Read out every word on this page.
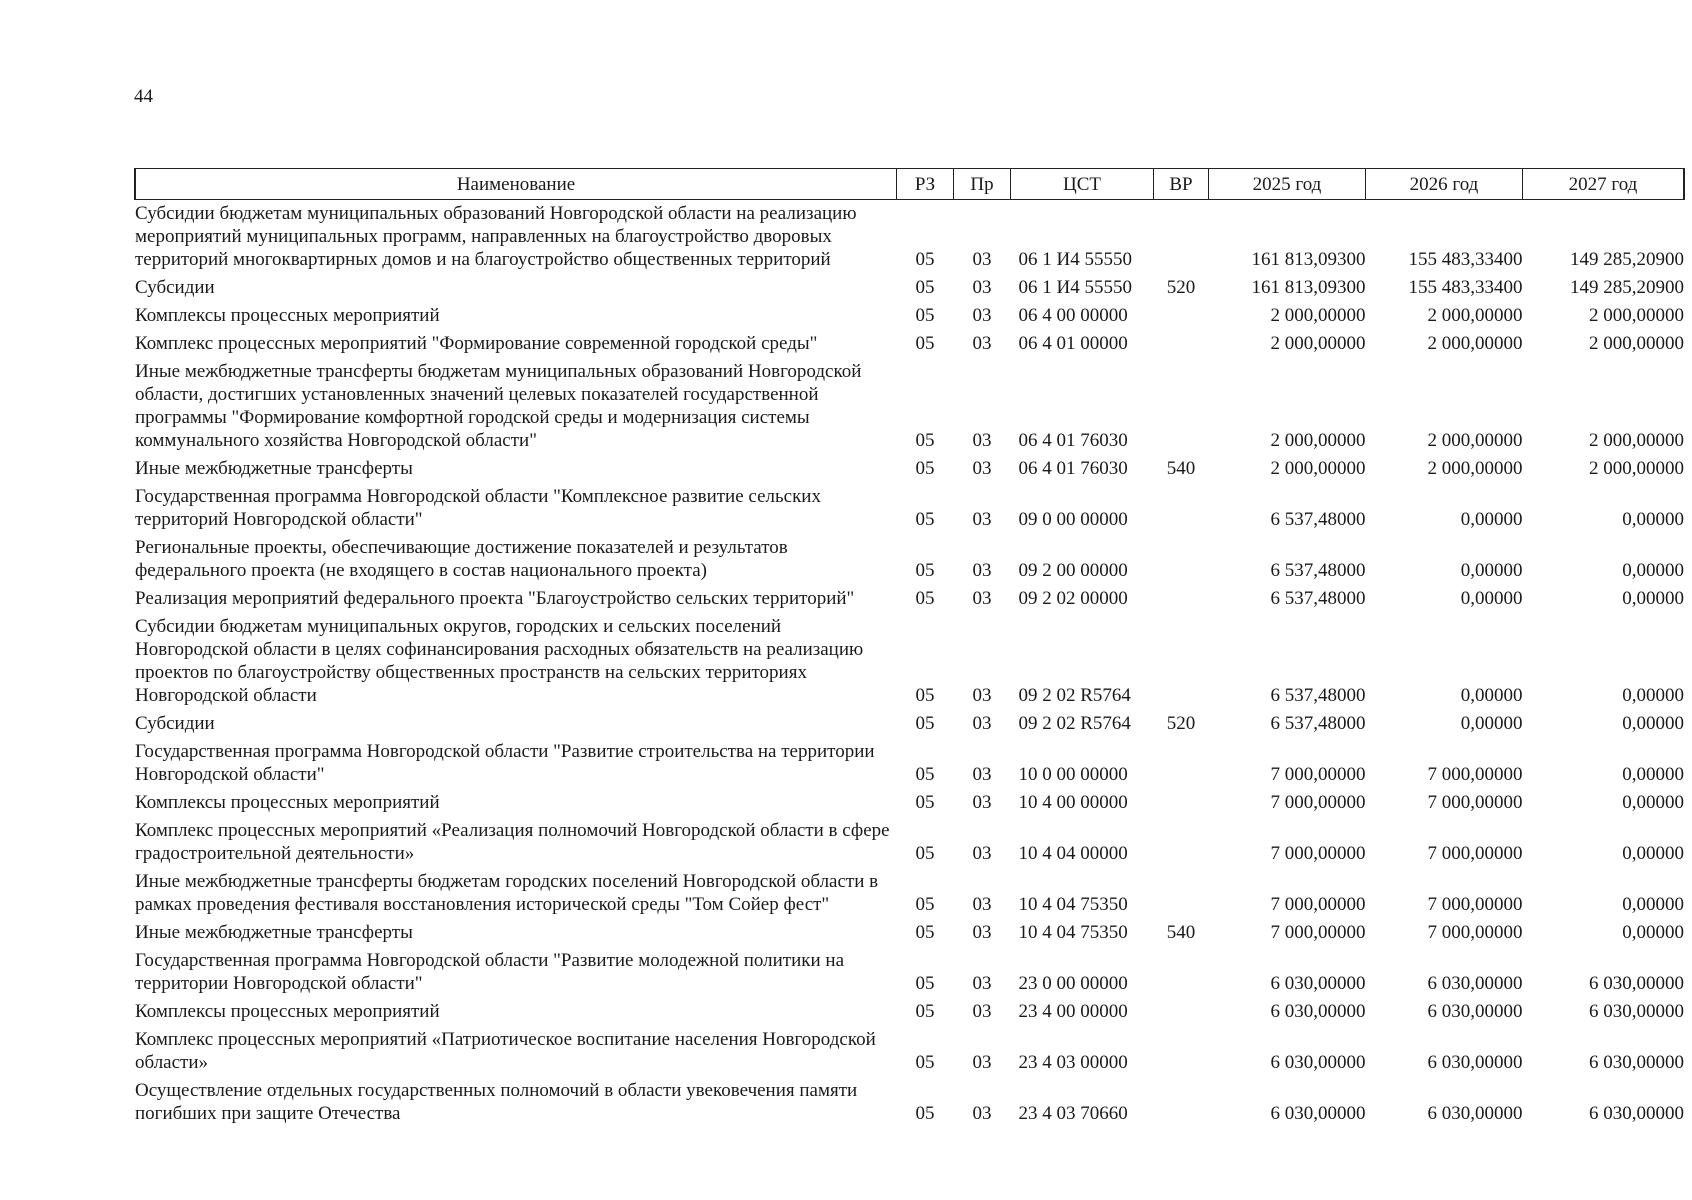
44
Наименование	РЗ	Пр	ЦСТ	ВР	2025 год	2026 год	2027 год
Субсидии бюджетам муниципальных образований Новгородской области на реализацию мероприятий муниципальных программ, направленных на благоустройство дворовых территорий многоквартирных домов и на благоустройство общественных территорий	05	03	06 1 И4 55550		161 813,09300	155 483,33400	149 285,20900
Субсидии	05	03	06 1 И4 55550	520	161 813,09300	155 483,33400	149 285,20900
Комплексы процессных мероприятий	05	03	06 4 00 00000		2 000,00000	2 000,00000	2 000,00000
Комплекс процессных мероприятий "Формирование современной городской среды"	05	03	06 4 01 00000		2 000,00000	2 000,00000	2 000,00000
Иные межбюджетные трансферты бюджетам муниципальных образований Новгородской области, достигших установленных значений целевых показателей государственной программы "Формирование комфортной городской среды и модернизация системы коммунального хозяйства Новгородской области"	05	03	06 4 01 76030		2 000,00000	2 000,00000	2 000,00000
Иные межбюджетные трансферты	05	03	06 4 01 76030	540	2 000,00000	2 000,00000	2 000,00000
Государственная программа Новгородской области "Комплексное развитие сельских территорий Новгородской области"	05	03	09 0 00 00000		6 537,48000	0,00000	0,00000
Региональные проекты, обеспечивающие достижение показателей и результатов федерального проекта (не входящего в состав национального проекта)	05	03	09 2 00 00000		6 537,48000	0,00000	0,00000
Реализация мероприятий федерального проекта "Благоустройство сельских территорий"	05	03	09 2 02 00000		6 537,48000	0,00000	0,00000
Субсидии бюджетам муниципальных округов, городских и сельских поселений Новгородской области в целях софинансирования расходных обязательств на реализацию проектов по благоустройству общественных пространств на сельских территориях Новгородской области	05	03	09 2 02 R5764		6 537,48000	0,00000	0,00000
Субсидии	05	03	09 2 02 R5764	520	6 537,48000	0,00000	0,00000
Государственная программа Новгородской области "Развитие строительства на территории Новгородской области"	05	03	10 0 00 00000		7 000,00000	7 000,00000	0,00000
Комплексы процессных мероприятий	05	03	10 4 00 00000		7 000,00000	7 000,00000	0,00000
Комплекс процессных мероприятий «Реализация полномочий Новгородской области в сфере градостроительной деятельности»	05	03	10 4 04 00000		7 000,00000	7 000,00000	0,00000
Иные межбюджетные трансферты бюджетам городских поселений Новгородской области в рамках проведения фестиваля восстановления исторической среды "Том Сойер фест"	05	03	10 4 04 75350		7 000,00000	7 000,00000	0,00000
Иные межбюджетные трансферты	05	03	10 4 04 75350	540	7 000,00000	7 000,00000	0,00000
Государственная программа Новгородской области "Развитие молодежной политики на территории Новгородской области"	05	03	23 0 00 00000		6 030,00000	6 030,00000	6 030,00000
Комплексы процессных мероприятий	05	03	23 4 00 00000		6 030,00000	6 030,00000	6 030,00000
Комплекс процессных мероприятий «Патриотическое воспитание населения Новгородской области»	05	03	23 4 03 00000		6 030,00000	6 030,00000	6 030,00000
Осуществление отдельных государственных полномочий в области увековечения памяти погибших при защите Отечества	05	03	23 4 03 70660		6 030,00000	6 030,00000	6 030,00000
